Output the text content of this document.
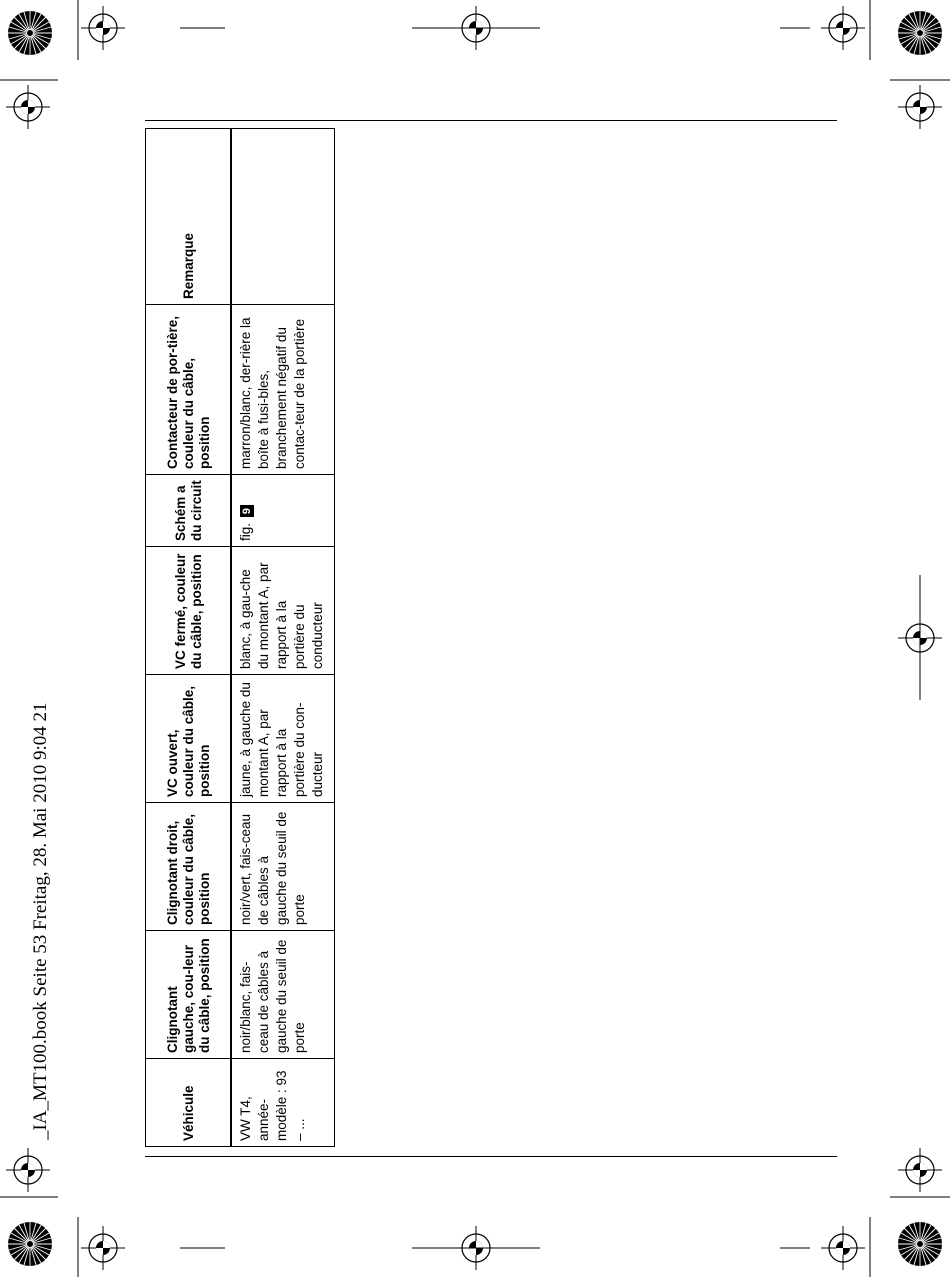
_IA_MT100.book Seite 53 Freitag, 28. Mai 2010 9:04 21	Véhicule	Clignotant gauche, cou-leur du câble, position	Clignotant droit, couleur du câble, position	VC ouvert, couleur du câble, position	VC fermé, couleur du câble, position	Schém a du circuit	Contacteur de por-tière, couleur du câble, position	Remarque
VW T4, année-modèle : 93 – ...	noir/blanc, fais-ceau de câbles à gauche du seuil de porte	noir/vert, fais-ceau de câbles à gauche du seuil de porte	jaune, à gauche du montant A, par rapport à la portière du con-ducteur	blanc, à gau-che du montant A, par rapport à la portière du conducteur	fig. 9	marron/blanc, der-rière la boîte à fusi-bles, branchement négatif du contac-teur de la portière	
